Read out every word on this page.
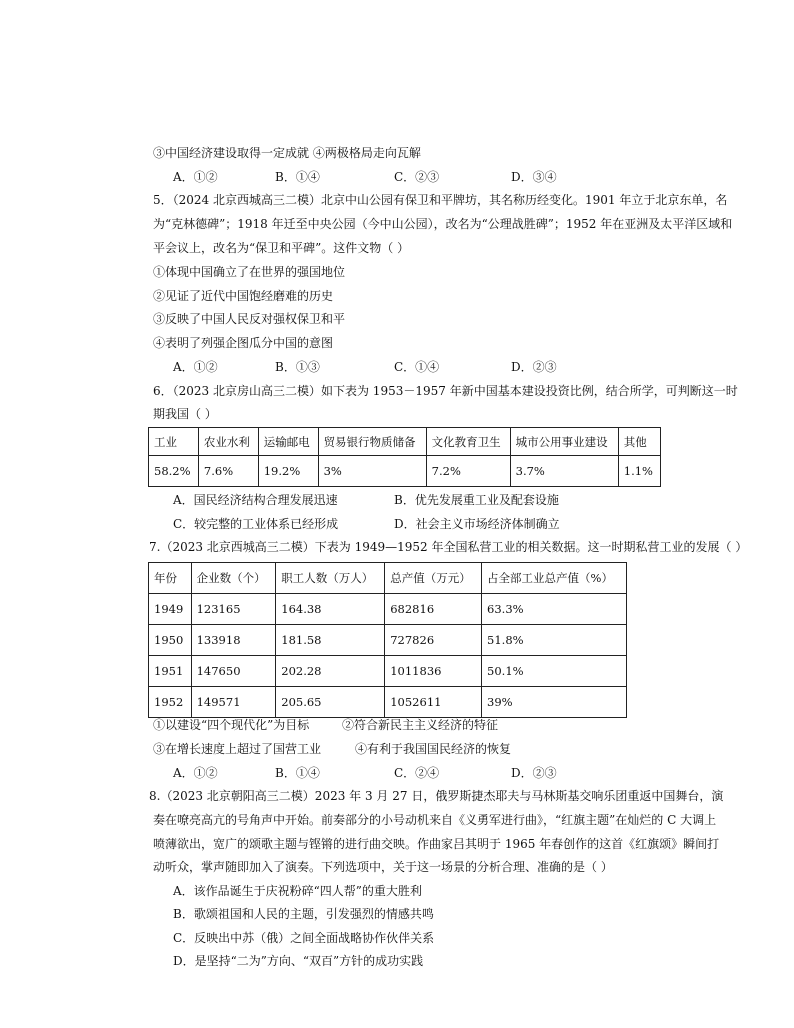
③中国经济建设取得一定成就 ④两极格局走向瓦解
A．①②	B．①④	C．②③	D．③④
5．（2024 北京西城高三二模）北京中山公园有保卫和平牌坊，其名称历经变化。1901 年立于北京东单，名
为“克林德碑”；1918 年迁至中央公园（今中山公园），改名为“公理战胜碑”；1952 年在亚洲及太平洋区域和
平会议上，改名为“保卫和平碑”。这件文物（ ）
①体现中国确立了在世界的强国地位
②见证了近代中国饱经磨难的历史
③反映了中国人民反对强权保卫和平
④表明了列强企图瓜分中国的意图
A．①②	B．①③	C．①④	D．②③
6．（2023 北京房山高三二模）如下表为 1953－1957 年新中国基本建设投资比例，结合所学，可判断这一时
期我国（ ）
工业	农业水利	运输邮电	贸易银行物质储备	文化教育卫生	城市公用事业建设	其他
58.2%	7.6%	19.2%	3%	7.2%	3.7%	1.1%
A．国民经济结构合理发展迅速	B．优先发展重工业及配套设施
C．较完整的工业体系已经形成	D．社会主义市场经济体制确立
7.（2023 北京西城高三二模）下表为 1949—1952 年全国私营工业的相关数据。这一时期私营工业的发展（ ）
年份	企业数（个）	职工人数（万人）	总产值（万元）	占全部工业总产值（%）
1949	123165	164.38	682816	63.3%
1950	133918	181.58	727826	51.8%
1951	147650	202.28	1011836	50.1%
1952	149571	205.65	1052611	39%
①以建设“四个现代化”为目标	②符合新民主主义经济的特征
③在增长速度上超过了国营工业	④有利于我国国民经济的恢复
A．①②	B．①④	C．②④	D．②③
8.（2023 北京朝阳高三二模）2023 年 3 月 27 日，俄罗斯捷杰耶夫与马林斯基交响乐团重返中国舞台，演
奏在嘹亮高亢的号角声中开始。前奏部分的小号动机来自《义勇军进行曲》，“红旗主题”在灿烂的 C 大调上
喷薄欲出，宽广的颂歌主题与铿锵的进行曲交映。作曲家吕其明于 1965 年春创作的这首《红旗颂》瞬间打
动听众，掌声随即加入了演奏。下列选项中，关于这一场景的分析合理、准确的是（ ）
A．该作品诞生于庆祝粉碎“四人帮”的重大胜利
B．歌颂祖国和人民的主题，引发强烈的情感共鸣
C．反映出中苏（俄）之间全面战略协作伙伴关系
D．是坚持“二为”方向、“双百”方针的成功实践
